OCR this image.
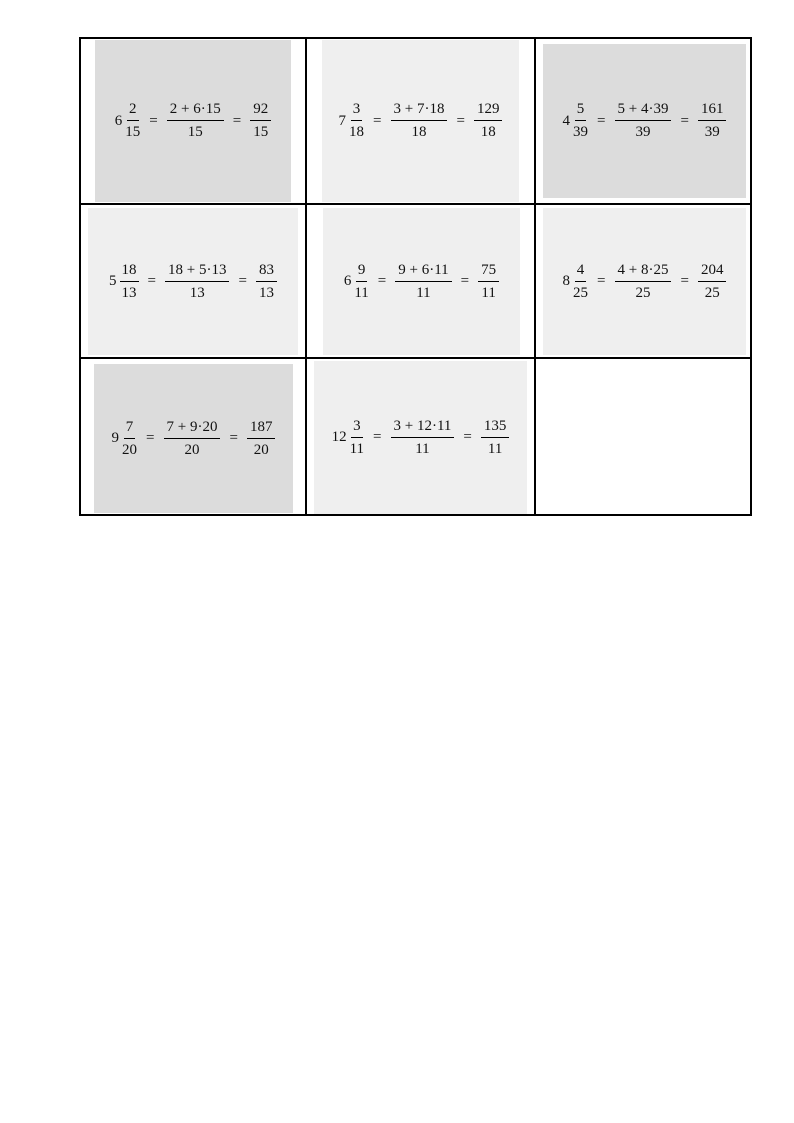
$6 \frac{2}{15} = \frac{2 + 6\cdot 15}{15} = \frac{92}{15}$	$7 \frac{3}{18} = \frac{3 + 7\cdot 18}{18} = \frac{129}{18}$	$4 \frac{5}{39} = \frac{5 + 4\cdot 39}{39} = \frac{161}{39}$
$5 \frac{18}{13} = \frac{18 + 5\cdot 13}{13} = \frac{83}{13}$	$6 \frac{9}{11} = \frac{9 + 6\cdot 11}{11} = \frac{75}{11}$	$8 \frac{4}{25} = \frac{4 + 8\cdot 25}{25} = \frac{204}{25}$
$9 \frac{7}{20} = \frac{7 + 9\cdot 20}{20} = \frac{187}{20}$	$12 \frac{3}{11} = \frac{3 + 12\cdot 11}{11} = \frac{135}{11}$
